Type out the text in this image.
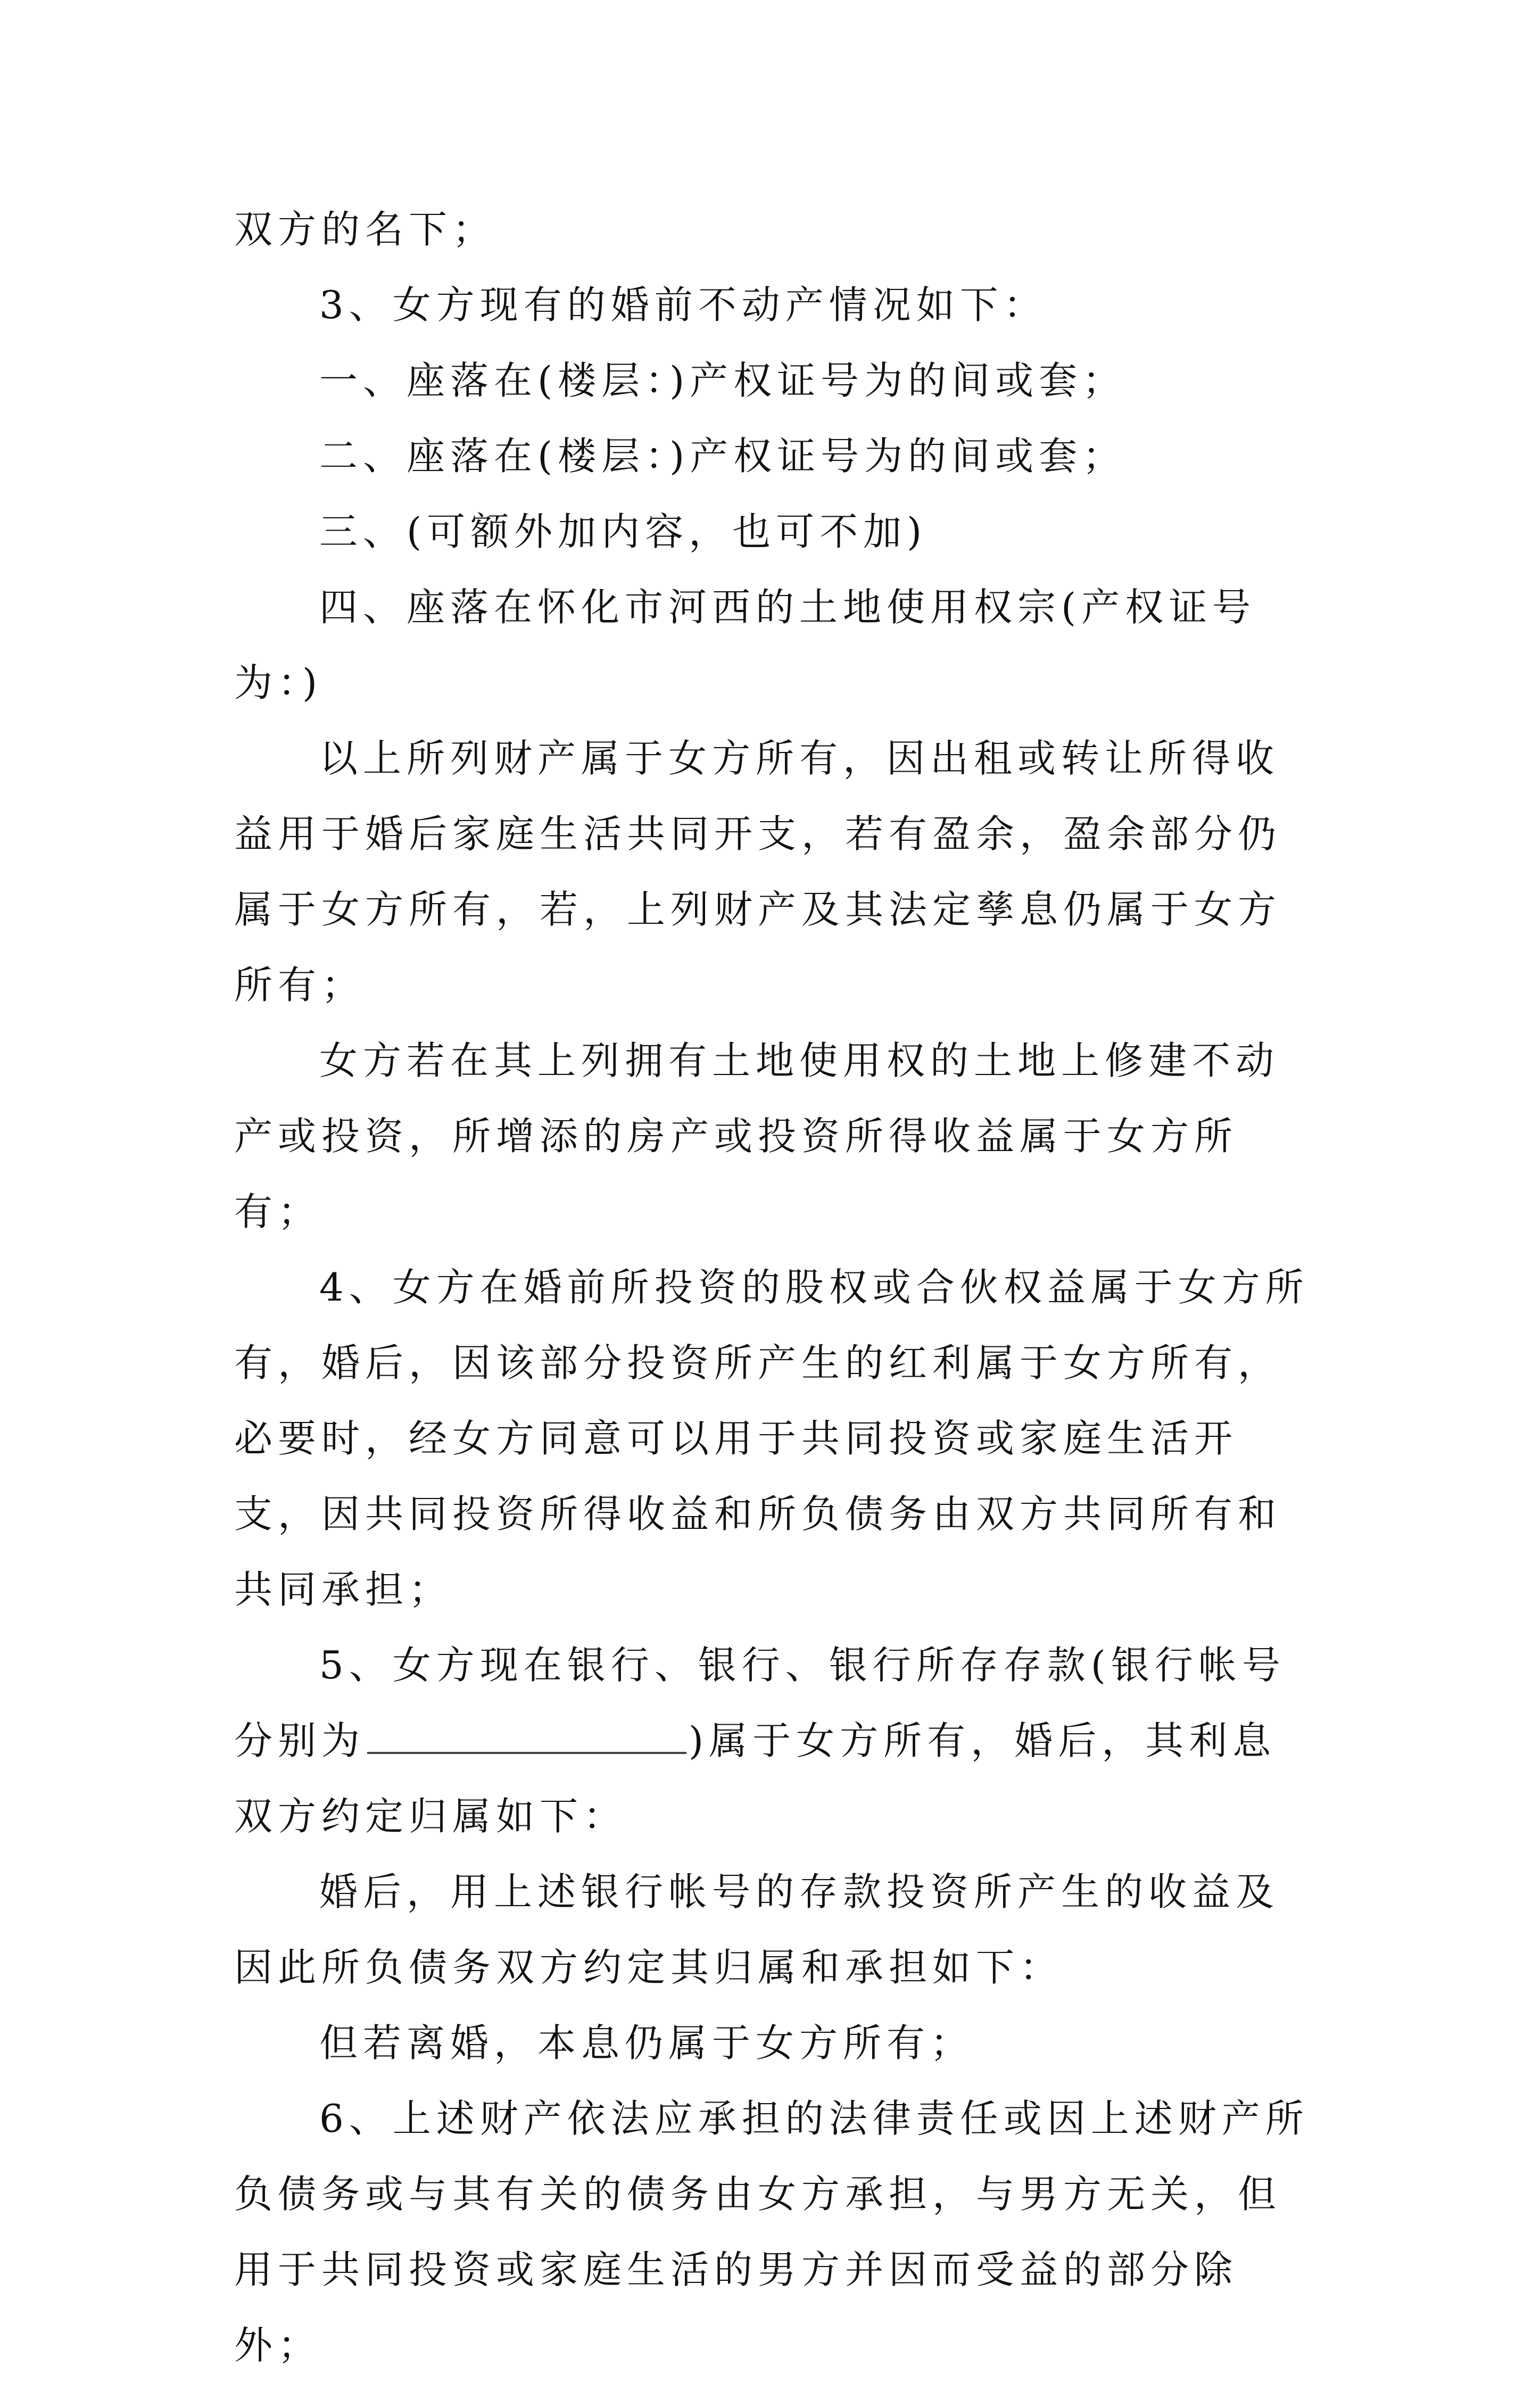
双方的名下；

3、女方现有的婚前不动产情况如下：

一、座落在(楼层：)产权证号为的间或套；

二、座落在(楼层：)产权证号为的间或套；

三、(可额外加内容，也可不加)

四、座落在怀化市河西的土地使用权宗(产权证号为：)

以上所列财产属于女方所有，因出租或转让所得收益用于婚后家庭生活共同开支，若有盈余，盈余部分仍属于女方所有，若，上列财产及其法定孳息仍属于女方所有；

女方若在其上列拥有土地使用权的土地上修建不动产或投资，所增添的房产或投资所得收益属于女方所有；

4、女方在婚前所投资的股权或合伙权益属于女方所有，婚后，因该部分投资所产生的红利属于女方所有，必要时，经女方同意可以用于共同投资或家庭生活开支，因共同投资所得收益和所负债务由双方共同所有和共同承担；

5、女方现在银行、银行、银行所存存款(银行帐号分别为	)属于女方所有，婚后，其利息双方约定归属如下：

婚后，用上述银行帐号的存款投资所产生的收益及因此所负债务双方约定其归属和承担如下：

但若离婚，本息仍属于女方所有；

6、上述财产依法应承担的法律责任或因上述财产所负债务或与其有关的债务由女方承担，与男方无关，但用于共同投资或家庭生活的男方并因而受益的部分除外；
